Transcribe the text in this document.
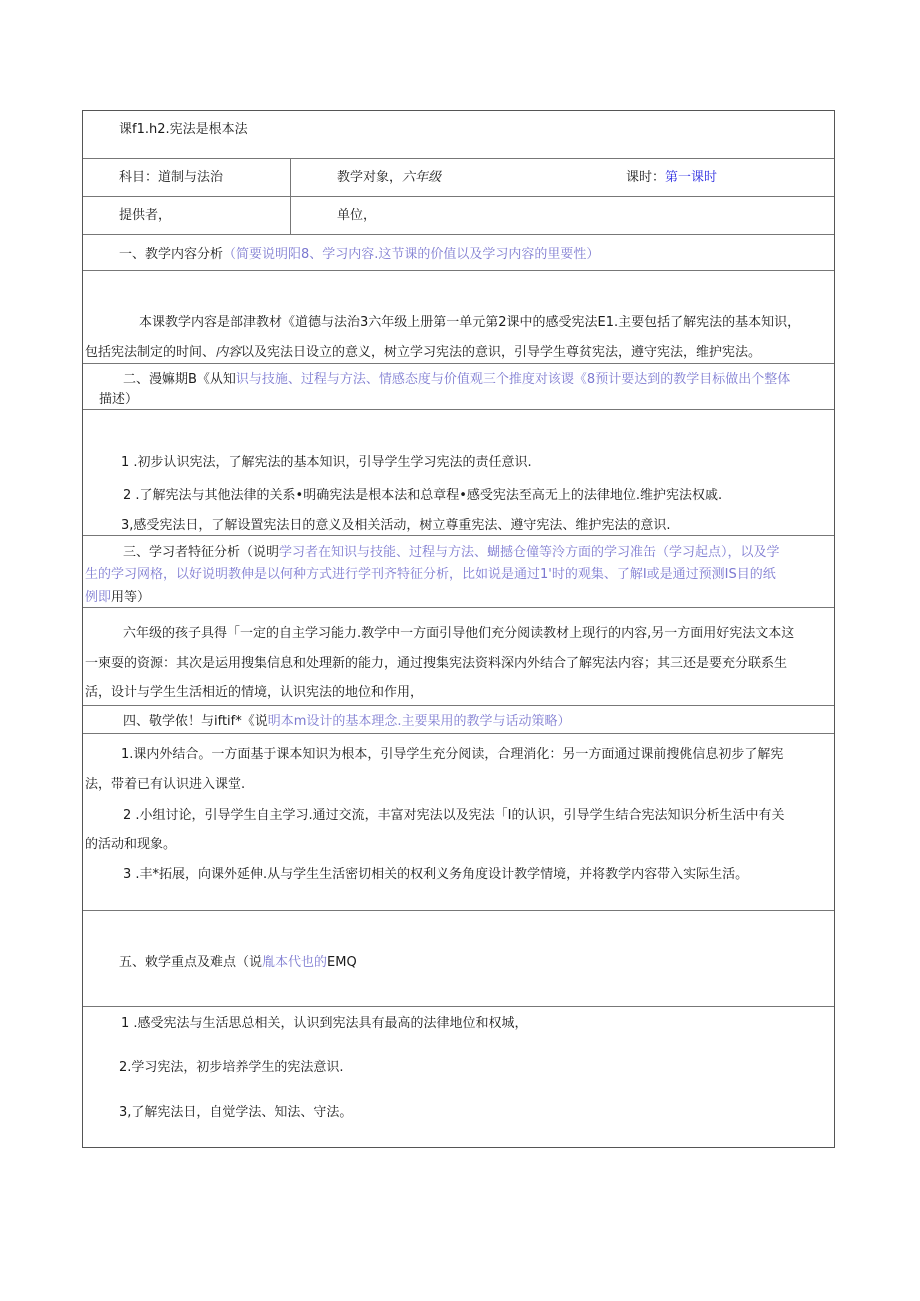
课f1.h2.宪法是根本法
科目：道制与法治	教学对象，六年级	课时：第一课时
提供者，	单位，
一、教学内容分析（简要说明阳8、学习内容.这节课的价值以及学习内容的里要性）
本课教学内容是部津教材《道德与法治3六年级上册第一单元第2课中的感受宪法E1.主要包括了解宪法的基本知识，
包括宪法制定的时间、内容以及宪法日设立的意义，树立学习宪法的意识，引导学生尊贫宪法，遵守宪法，维护宪法。
二、漫嫲期B《从知识与技施、过程与方法、情感态度与价值观三个推度对该谡《8预计要达到的教学目标做出个整体
描述）
1 .初步认识宪法，了解宪法的基本知识，引导学生学习宪法的责任意识.
2 .了解宪法与其他法律的关系•明确宪法是根本法和总章程•感受宪法至高无上的法律地位.维护宪法权戚.
3,感受宪法日，了解设置宪法日的意义及相关活动，树立尊重宪法、遵守宪法、维护宪法的意识.
三、学习者特征分析（说明学习者在知识与技能、过程与方法、蝴撼仓僮等泠方面的学习准缶（学习起点），以及学
生的学习网格，以好说明教伸是以何种方式进行学刊齐特征分析，比如说是通过1'时的观集、了解I或是通过预测IS目的纸
例即用等）
六年级的孩子具得「一定的自主学习能力.教学中一方面引导他们充分阅读教材上现行的内容,另一方面用好宪法文本这
一柬耍的资源：其次是运用搜集信息和处理新的能力，通过搜集宪法资料深内外结合了解宪法内容；其三还是要充分联系生
活，设计与学生生活相近的情境，认识宪法的地位和作用，
四、敬学侬！与iftif*《说明本m设计的基本理念.主要果用的教学与话动策略）
1.课内外结合。一方面基于课本知识为根本，引导学生充分阅读，合理消化：另一方面通过课前搜佻信息初步了解宪
法，带着已有认识进入课堂.
2 .小组讨论，引导学生自主学习.通过交流，丰富对宪法以及宪法「I的认识，引导学生结合宪法知识分析生活中有关
的活动和现象。
3 .丰*拓展，向课外延伸.从与学生生活密切相关的权利义务角度设计教学情境，并将教学内容带入实际生活。
五、敕学重点及难点（说胤本代也的EMQ
1 .感受宪法与生活思总相关，认识到宪法具有最高的法律地位和权城，
2.学习宪法，初步培养学生的宪法意识.
3,了解宪法日，自觉学法、知法、守法。
